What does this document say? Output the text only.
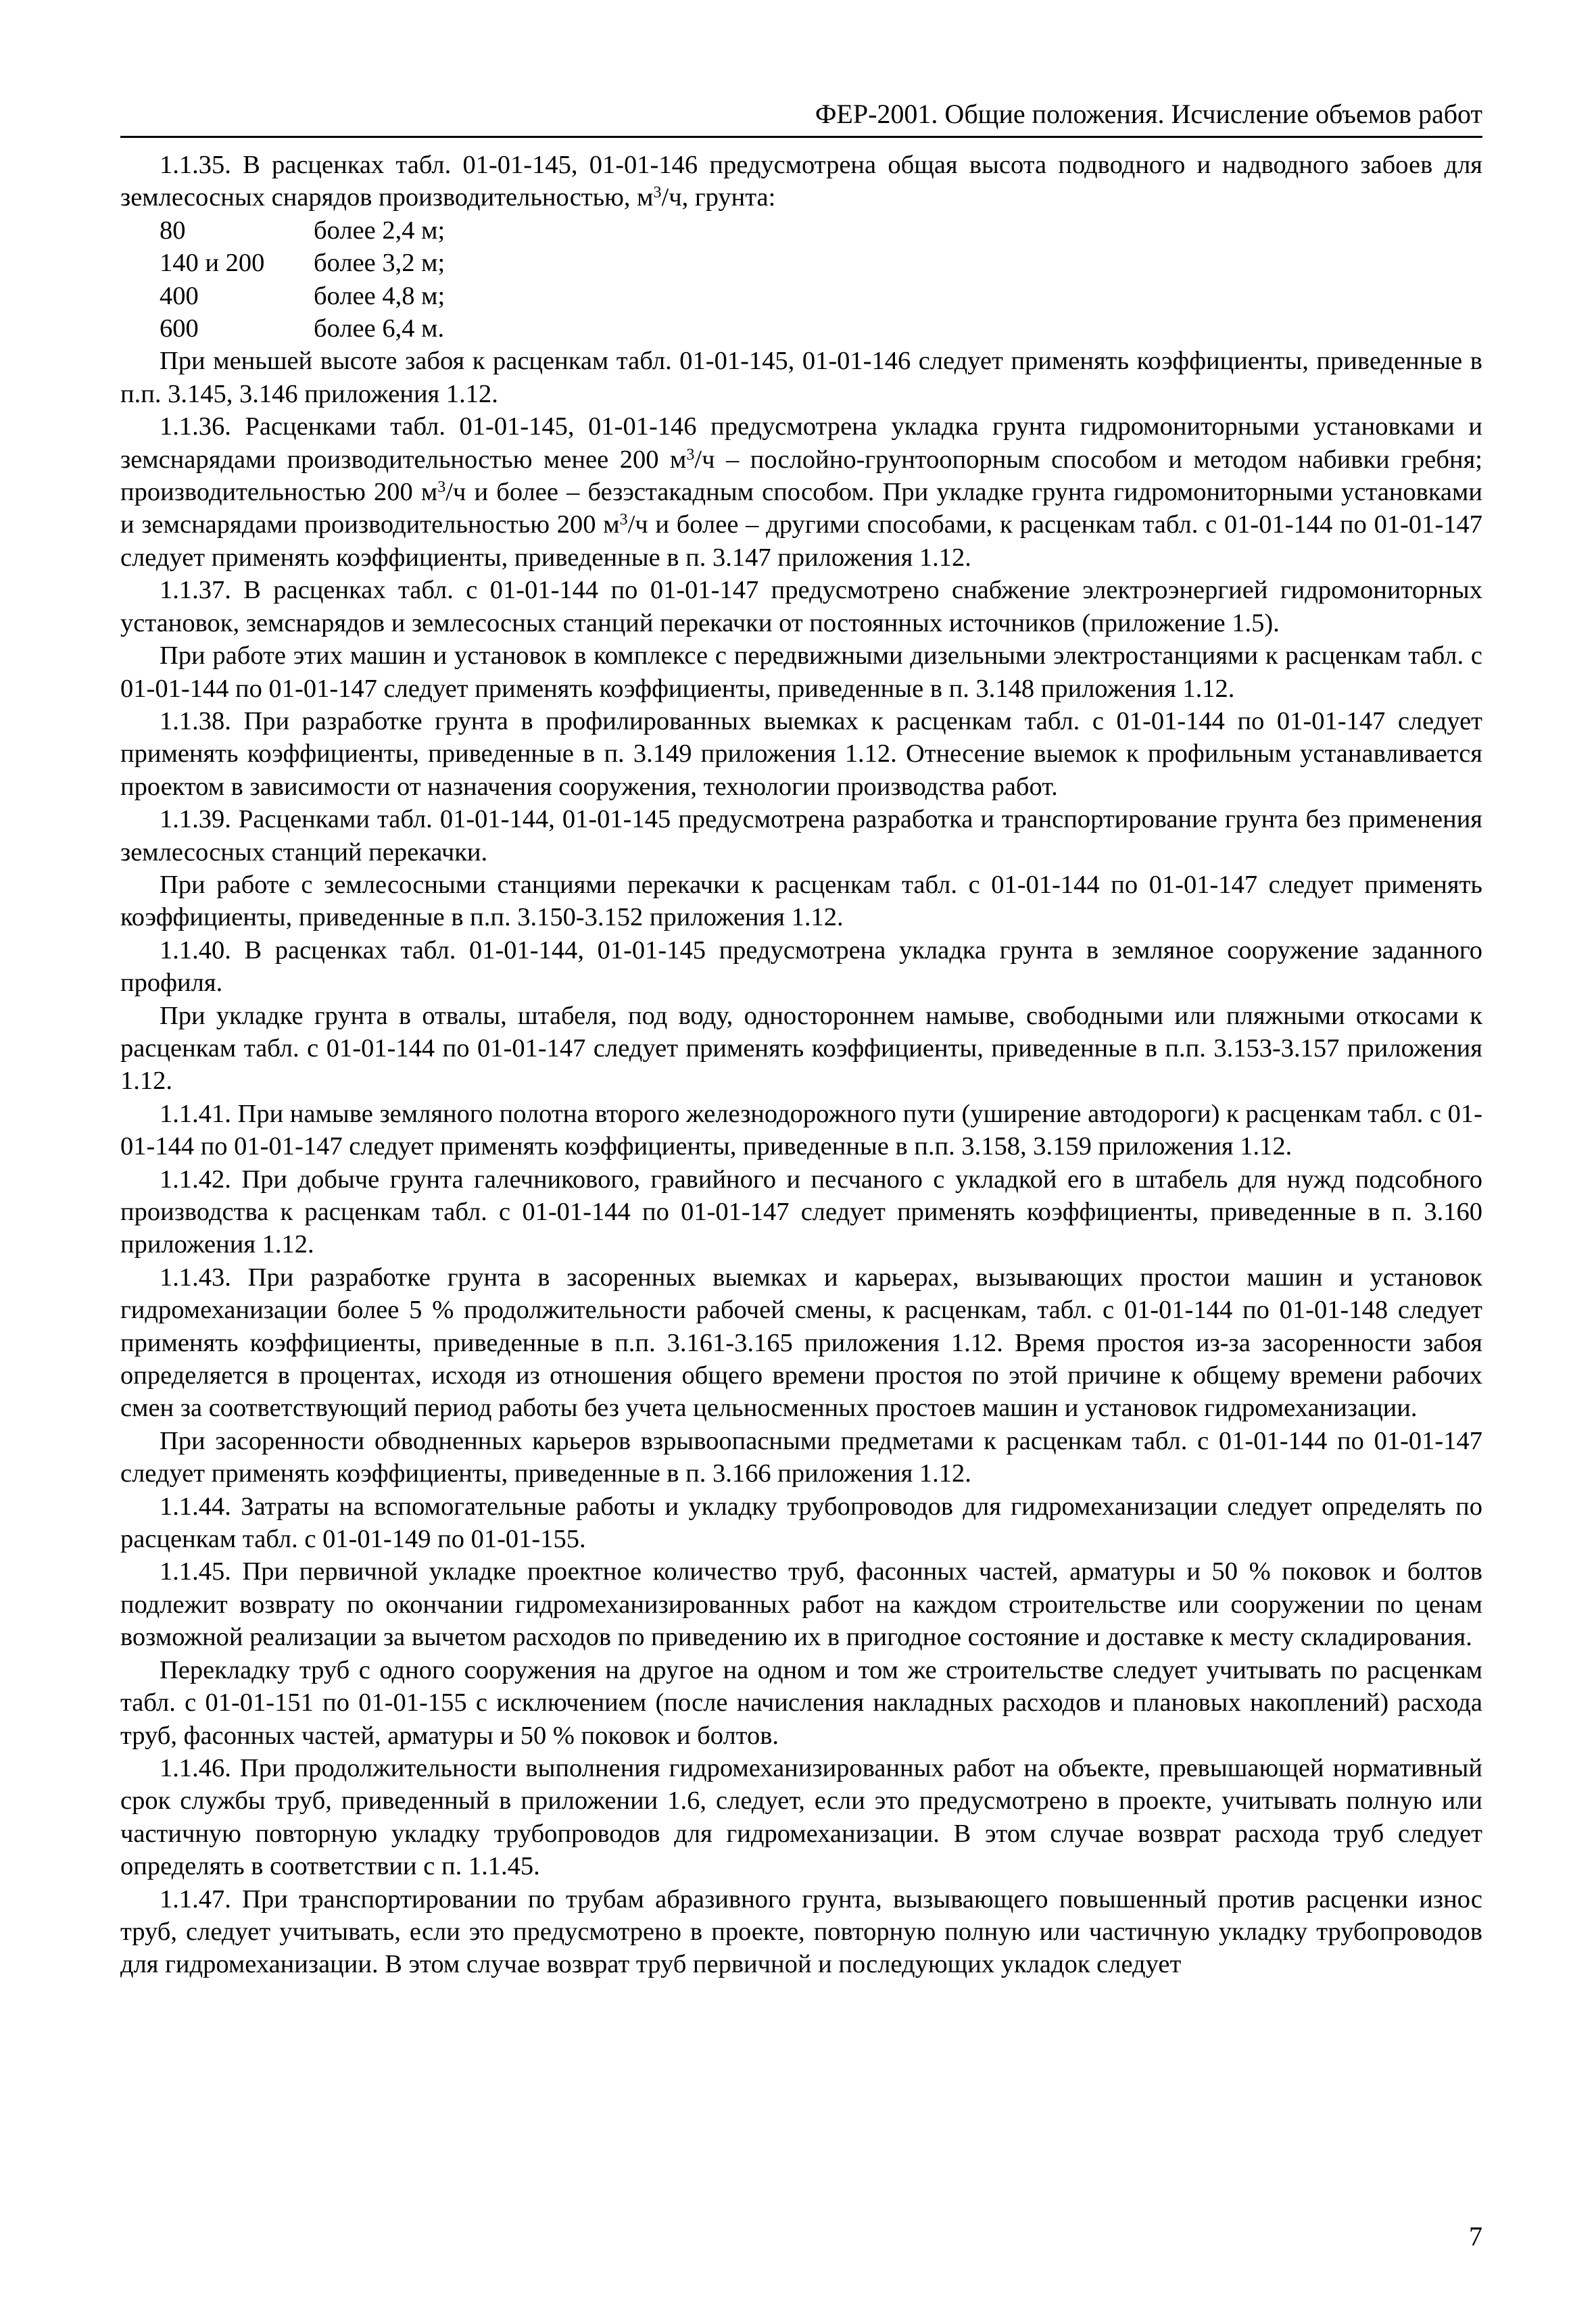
ФЕР-2001. Общие положения. Исчисление объемов работ

1.1.35. В расценках табл. 01-01-145, 01-01-146 предусмотрена общая высота подводного и надводного забоев для землесосных снарядов производительностью, $м^3/ч$, грунта:

80	более 2,4 м;
140 и 200	более 3,2 м;
400	более 4,8 м;
600	более 6,4 м.

При меньшей высоте забоя к расценкам табл. 01-01-145, 01-01-146 следует применять коэффициенты, приведенные в п.п. 3.145, 3.146 приложения 1.12.

1.1.36. Расценками табл. 01-01-145, 01-01-146 предусмотрена укладка грунта гидромониторными установками и земснарядами производительностью менее 200 $м^3/ч$ – послойно-грунтоопорным способом и методом набивки гребня; производительностью 200 $м^3/ч$ и более – безэстакадным способом. При укладке грунта гидромониторными установками и земснарядами производительностью 200 $м^3/ч$ и более – другими способами, к расценкам табл. с 01-01-144 по 01-01-147 следует применять коэффициенты, приведенные в п. 3.147 приложения 1.12.

1.1.37. В расценках табл. с 01-01-144 по 01-01-147 предусмотрено снабжение электроэнергией гидромониторных установок, земснарядов и землесосных станций перекачки от постоянных источников (приложение 1.5).

При работе этих машин и установок в комплексе с передвижными дизельными электростанциями к расценкам табл. с 01-01-144 по 01-01-147 следует применять коэффициенты, приведенные в п. 3.148 приложения 1.12.

1.1.38. При разработке грунта в профилированных выемках к расценкам табл. с 01-01-144 по 01-01-147 следует применять коэффициенты, приведенные в п. 3.149 приложения 1.12. Отнесение выемок к профильным устанавливается проектом в зависимости от назначения сооружения, технологии производства работ.

1.1.39. Расценками табл. 01-01-144, 01-01-145 предусмотрена разработка и транспортирование грунта без применения землесосных станций перекачки.

При работе с землесосными станциями перекачки к расценкам табл. с 01-01-144 по 01-01-147 следует применять коэффициенты, приведенные в п.п. 3.150-3.152 приложения 1.12.

1.1.40. В расценках табл. 01-01-144, 01-01-145 предусмотрена укладка грунта в земляное сооружение заданного профиля.

При укладке грунта в отвалы, штабеля, под воду, одностороннем намыве, свободными или пляжными откосами к расценкам табл. с 01-01-144 по 01-01-147 следует применять коэффициенты, приведенные в п.п. 3.153-3.157 приложения 1.12.

1.1.41. При намыве земляного полотна второго железнодорожного пути (уширение автодороги) к расценкам табл. с 01-01-144 по 01-01-147 следует применять коэффициенты, приведенные в п.п. 3.158, 3.159 приложения 1.12.

1.1.42. При добыче грунта галечникового, гравийного и песчаного с укладкой его в штабель для нужд подсобного производства к расценкам табл. с 01-01-144 по 01-01-147 следует применять коэффициенты, приведенные в п. 3.160 приложения 1.12.

1.1.43. При разработке грунта в засоренных выемках и карьерах, вызывающих простои машин и установок гидромеханизации более 5 % продолжительности рабочей смены, к расценкам, табл. с 01-01-144 по 01-01-148 следует применять коэффициенты, приведенные в п.п. 3.161-3.165 приложения 1.12. Время простоя из-за засоренности забоя определяется в процентах, исходя из отношения общего времени простоя по этой причине к общему времени рабочих смен за соответствующий период работы без учета цельносменных простоев машин и установок гидромеханизации.

При засоренности обводненных карьеров взрывоопасными предметами к расценкам табл. с 01-01-144 по 01-01-147 следует применять коэффициенты, приведенные в п. 3.166 приложения 1.12.

1.1.44. Затраты на вспомогательные работы и укладку трубопроводов для гидромеханизации следует определять по расценкам табл. с 01-01-149 по 01-01-155.

1.1.45. При первичной укладке проектное количество труб, фасонных частей, арматуры и 50 % поковок и болтов подлежит возврату по окончании гидромеханизированных работ на каждом строительстве или сооружении по ценам возможной реализации за вычетом расходов по приведению их в пригодное состояние и доставке к месту складирования.

Перекладку труб с одного сооружения на другое на одном и том же строительстве следует учитывать по расценкам табл. с 01-01-151 по 01-01-155 с исключением (после начисления накладных расходов и плановых накоплений) расхода труб, фасонных частей, арматуры и 50 % поковок и болтов.

1.1.46. При продолжительности выполнения гидромеханизированных работ на объекте, превышающей нормативный срок службы труб, приведенный в приложении 1.6, следует, если это предусмотрено в проекте, учитывать полную или частичную повторную укладку трубопроводов для гидромеханизации. В этом случае возврат расхода труб следует определять в соответствии с п. 1.1.45.

1.1.47. При транспортировании по трубам абразивного грунта, вызывающего повышенный против расценки износ труб, следует учитывать, если это предусмотрено в проекте, повторную полную или частичную укладку трубопроводов для гидромеханизации. В этом случае возврат труб первичной и последующих укладок следует

7
